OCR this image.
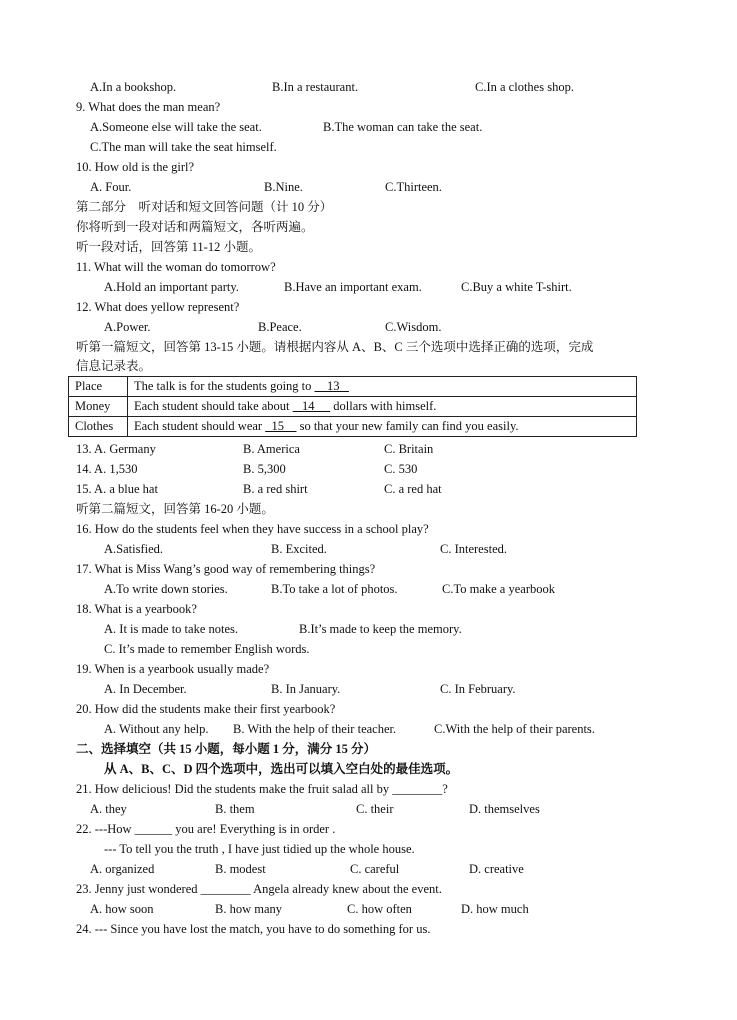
A.In a bookshop.	B.In a restaurant.	C.In a clothes shop.
9. What does the man mean?
A.Someone else will take the seat.	B.The woman can take the seat.
C.The man will take the seat himself.
10. How old is the girl?
A. Four.	B.Nine.	C.Thirteen.
第二部分　听对话和短文回答问题（计 10 分）
你将听到一段对话和两篇短文，各听两遍。
听一段对话，回答第 11-12 小题。
11. What will the woman do tomorrow?
A.Hold an important party.	B.Have an important exam.	C.Buy a white T-shirt.
12. What does yellow represent?
A.Power.	B.Peace.	C.Wisdom.
听第一篇短文，回答第 13-15 小题。请根据内容从 A、B、C 三个选项中选择正确的选项，完成
信息记录表。
Place	The talk is for the students going to     13
Money	Each student should take about    14      dollars with himself.
Clothes	Each student should wear   15     so that your new family can find you easily.
13. A. Germany	B. America	C. Britain
14. A. 1,530	B. 5,300	C. 530
15. A. a blue hat	B. a red shirt	C. a red hat
听第二篇短文，回答第 16-20 小题。
16. How do the students feel when they have success in a school play?
A.Satisfied.	B. Excited.	C. Interested.
17. What is Miss Wang’s good way of remembering things?
A.To write down stories.	B.To take a lot of photos.	C.To make a yearbook
18. What is a yearbook?
A. It is made to take notes.	B.It’s made to keep the memory.
C. It’s made to remember English words.
19. When is a yearbook usually made?
A. In December.	B. In January.	C. In February.
20. How did the students make their first yearbook?
A. Without any help. B. With the help of their teacher.	C.With the help of their parents.
二、选择填空（共 15 小题，每小题 1 分，满分 15 分）
从 A、B、C、D 四个选项中，选出可以填入空白处的最佳选项。
21. How delicious! Did the students make the fruit salad all by ________?
A. they	B. them	C. their	D. themselves
22. ---How ______ you are! Everything is in order .
--- To tell you the truth , I have just tidied up the whole house.
A. organized	B. modest	C. careful	D. creative
23. Jenny just wondered ________ Angela already knew about the event.
A. how soon	B. how many	C. how often	D. how much
24. --- Since you have lost the match, you have to do something for us.
